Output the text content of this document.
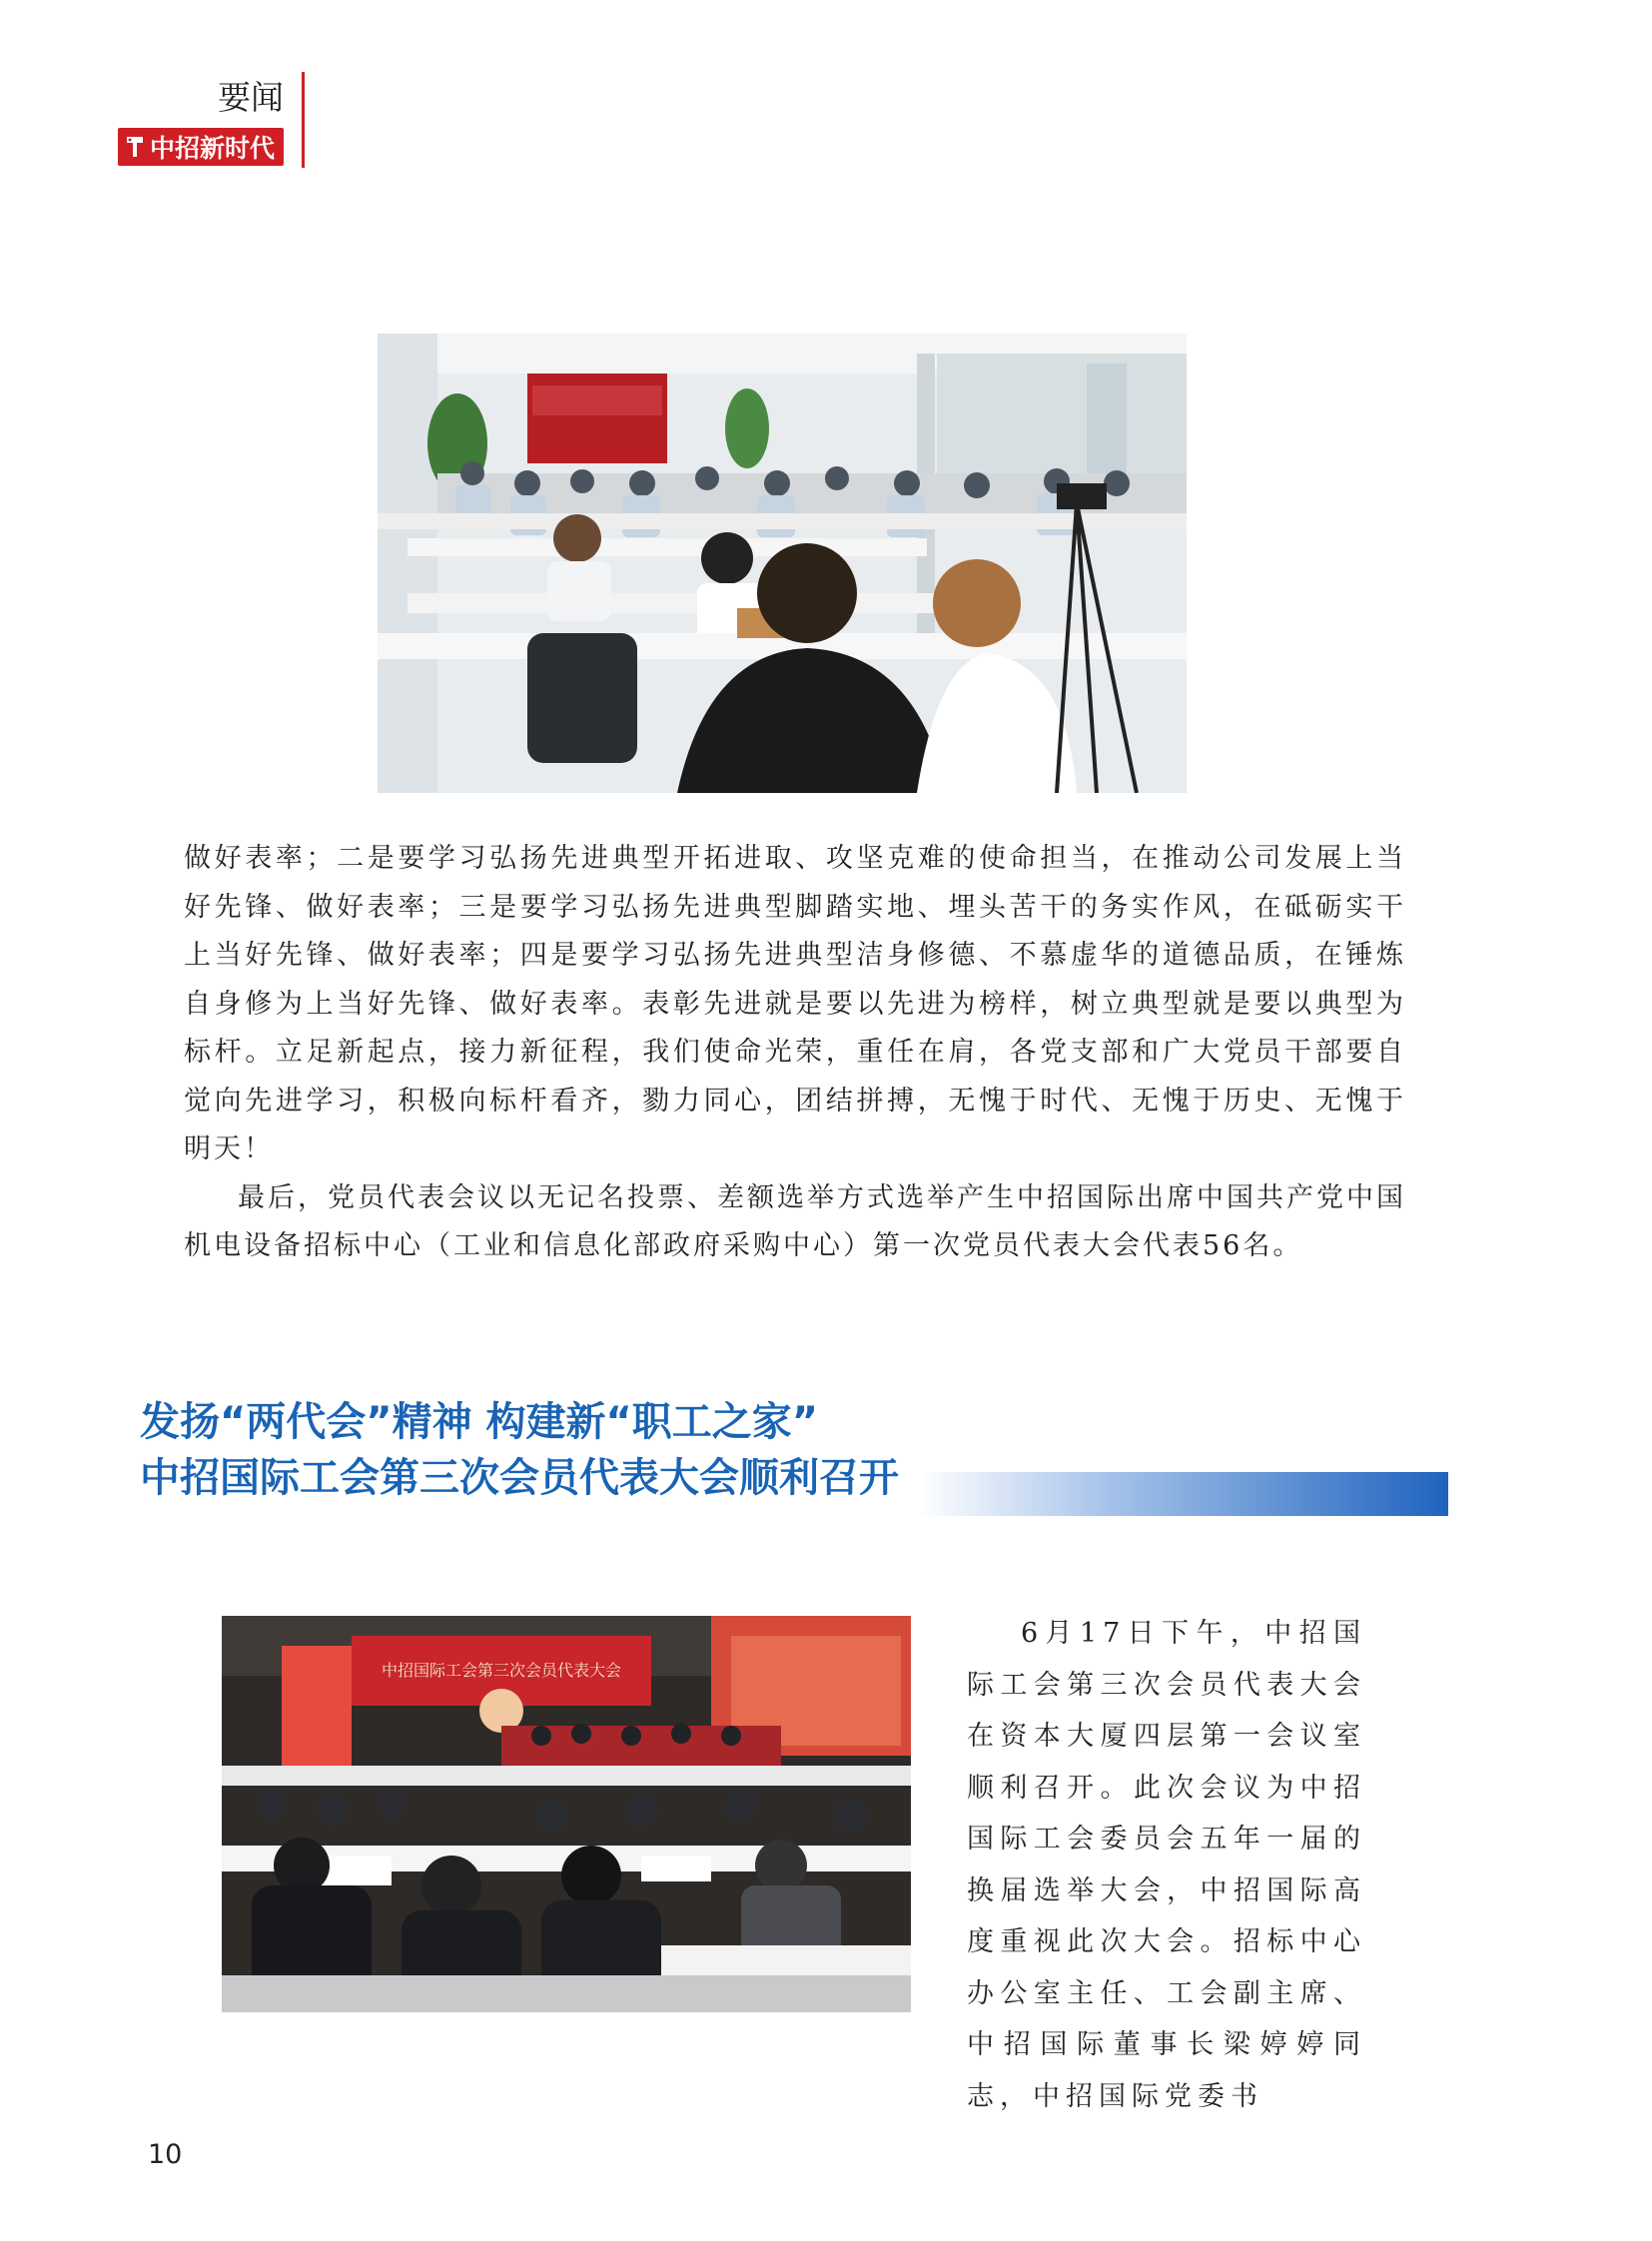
要闻
中招新时代

做好表率；二是要学习弘扬先进典型开拓进取、攻坚克难的使命担当，在推动公司发展上当好先锋、做好表率；三是要学习弘扬先进典型脚踏实地、埋头苦干的务实作风，在砥砺实干上当好先锋、做好表率；四是要学习弘扬先进典型洁身修德、不慕虚华的道德品质，在锤炼自身修为上当好先锋、做好表率。表彰先进就是要以先进为榜样，树立典型就是要以典型为标杆。立足新起点，接力新征程，我们使命光荣，重任在肩，各党支部和广大党员干部要自觉向先进学习，积极向标杆看齐，勠力同心，团结拼搏，无愧于时代、无愧于历史、无愧于明天！

最后，党员代表会议以无记名投票、差额选举方式选举产生中招国际出席中国共产党中国机电设备招标中心（工业和信息化部政府采购中心）第一次党员代表大会代表56名。

发扬“两代会”精神 构建新“职工之家”
中招国际工会第三次会员代表大会顺利召开
中招国际工会第三次会员代表大会
6月17日下午，中招国际工会第三次会员代表大会在资本大厦四层第一会议室顺利召开。此次会议为中招国际工会委员会五年一届的换届选举大会，中招国际高度重视此次大会。招标中心办公室主任、工会副主席、中招国际董事长梁婷婷同志，中招国际党委书
10
